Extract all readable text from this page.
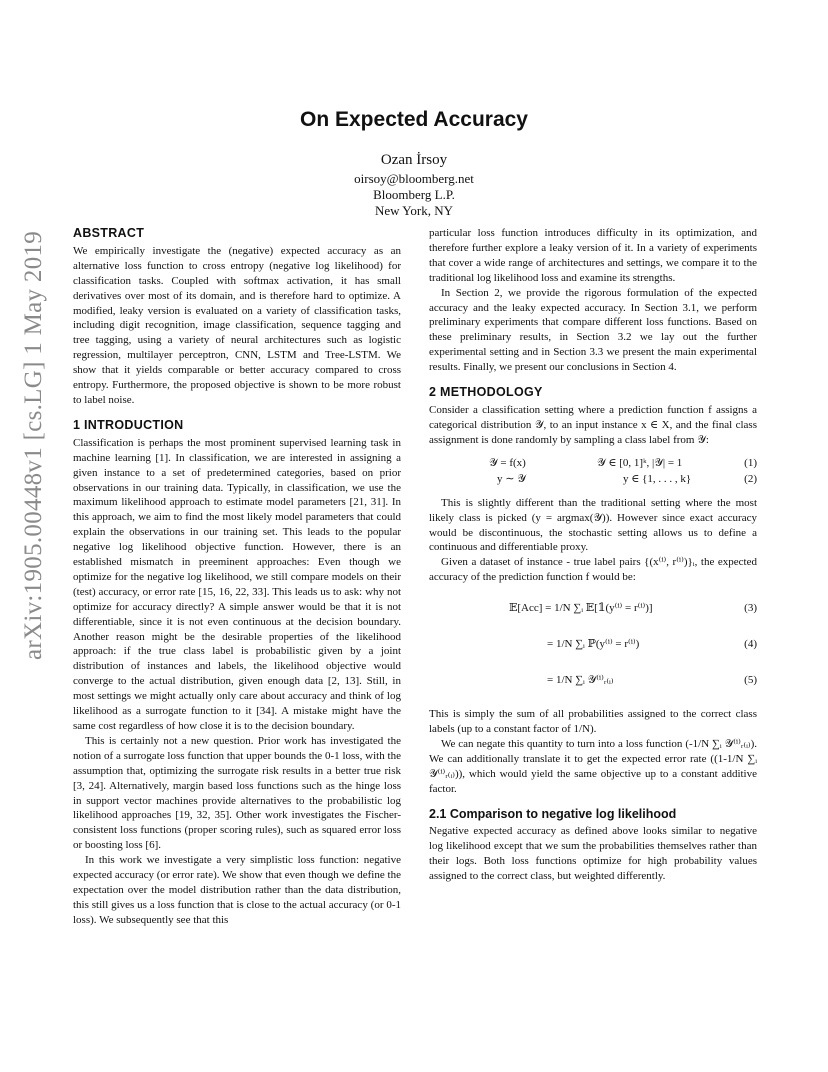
arXiv:1905.00448v1 [cs.LG] 1 May 2019
On Expected Accuracy
Ozan İrsoy
oirsoy@bloomberg.net
Bloomberg L.P.
New York, NY
ABSTRACT

We empirically investigate the (negative) expected accuracy as an alternative loss function to cross entropy (negative log likelihood) for classification tasks. Coupled with softmax activation, it has small derivatives over most of its domain, and is therefore hard to optimize. A modified, leaky version is evaluated on a variety of classification tasks, including digit recognition, image classification, sequence tagging and tree tagging, using a variety of neural architectures such as logistic regression, multilayer perceptron, CNN, LSTM and Tree-LSTM. We show that it yields comparable or better accuracy compared to cross entropy. Furthermore, the proposed objective is shown to be more robust to label noise.

1 INTRODUCTION

Classification is perhaps the most prominent supervised learning task in machine learning [1]. In classification, we are interested in assigning a given instance to a set of predetermined categories, based on prior observations in our training data. Typically, in classification, we use the maximum likelihood approach to estimate model parameters [21, 31]. In this approach, we aim to find the most likely model parameters that could explain the observations in our training set. This leads to the popular negative log likelihood objective function. However, there is an established mismatch in preeminent approaches: Even though we optimize for the negative log likelihood, we still compare models on their (test) accuracy, or error rate [15, 16, 22, 33]. This leads us to ask: why not optimize for accuracy directly? A simple answer would be that it is not differentiable, since it is not even continuous at the decision boundary. Another reason might be the desirable properties of the likelihood approach: if the true class label is probabilistic given by a joint distribution of instances and labels, the likelihood objective would converge to the actual distribution, given enough data [2, 13]. Still, in most settings we might actually only care about accuracy and think of log likelihood as a surrogate function to it [34]. A mistake might have the same cost regardless of how close it is to the decision boundary.

This is certainly not a new question. Prior work has investigated the notion of a surrogate loss function that upper bounds the 0-1 loss, with the assumption that, optimizing the surrogate risk results in a better true risk [3, 24]. Alternatively, margin based loss functions such as the hinge loss in support vector machines provide alternatives to the probabilistic log likelihood approaches [19, 32, 35]. Other work investigates the Fischer-consistent loss functions (proper scoring rules), such as squared error loss or boosting loss [6].

In this work we investigate a very simplistic loss function: negative expected accuracy (or error rate). We show that even though we define the expectation over the model distribution rather than the data distribution, this still gives us a loss function that is close to the actual accuracy (or 0-1 loss). We subsequently see that this

particular loss function introduces difficulty in its optimization, and therefore further explore a leaky version of it. In a variety of experiments that cover a wide range of architectures and settings, we compare it to the traditional log likelihood loss and examine its strengths.

In Section 2, we provide the rigorous formulation of the expected accuracy and the leaky expected accuracy. In Section 3.1, we perform preliminary experiments that compare different loss functions. Based on these preliminary results, in Section 3.2 we lay out the further experimental setting and in Section 3.3 we present the main experimental results. Finally, we present our conclusions in Section 4.

2 METHODOLOGY

Consider a classification setting where a prediction function f assigns a categorical distribution 𝒴, to an input instance x ∈ X, and the final class assignment is done randomly by sampling a class label from 𝒴:

𝒴 = f(x)	𝒴 ∈ [0, 1]ᵏ, |𝒴| = 1	(1)
y ∼ 𝒴	y ∈ {1, . . . , k}	(2)

This is slightly different than the traditional setting where the most likely class is picked (y = argmax(𝒴)). However since exact accuracy would be discontinuous, the stochastic setting allows us to define a continuous and differentiable proxy.

Given a dataset of instance - true label pairs {(x⁽ⁱ⁾, r⁽ⁱ⁾)}ᵢ, the expected accuracy of the prediction function f would be:

𝔼[Acc] = 1/N ∑ᵢ 𝔼[𝟙(y⁽ⁱ⁾ = r⁽ⁱ⁾)]	(3)
= 1/N ∑ᵢ ℙ(y⁽ⁱ⁾ = r⁽ⁱ⁾)	(4)
= 1/N ∑ᵢ 𝒴⁽ⁱ⁾ᵣ₍ᵢ₎	(5)

This is simply the sum of all probabilities assigned to the correct class labels (up to a constant factor of 1/N).

We can negate this quantity to turn into a loss function (-1/N ∑ᵢ 𝒴⁽ⁱ⁾ᵣ₍ᵢ₎). We can additionally translate it to get the expected error rate ((1-1/N ∑ᵢ 𝒴⁽ⁱ⁾ᵣ₍ᵢ₎)), which would yield the same objective up to a constant additive factor.

2.1 Comparison to negative log likelihood

Negative expected accuracy as defined above looks similar to negative log likelihood except that we sum the probabilities themselves rather than their logs. Both loss functions optimize for high probability values assigned to the correct class, but weighted differently.
